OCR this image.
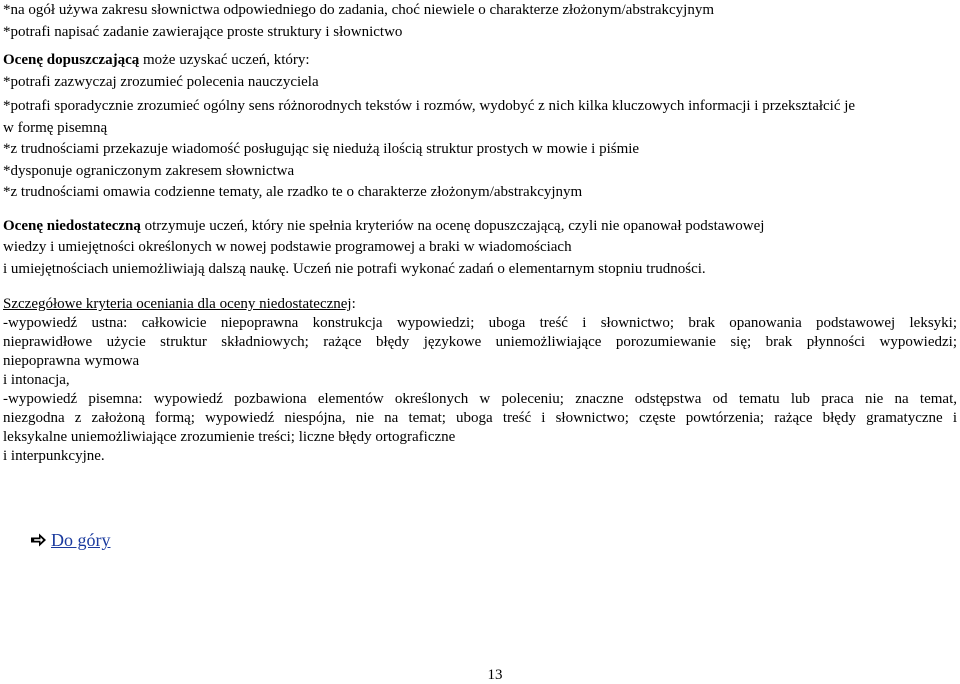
*na ogół używa zakresu słownictwa odpowiedniego do zadania, choć niewiele o charakterze złożonym/abstrakcyjnym
*potrafi napisać zadanie zawierające proste struktury i słownictwo
Ocenę dopuszczającą może uzyskać uczeń, który:
*potrafi zazwyczaj zrozumieć polecenia nauczyciela
*potrafi sporadycznie zrozumieć ogólny sens różnorodnych tekstów i rozmów, wydobyć z nich kilka kluczowych informacji i przekształcić je
w formę pisemną
*z trudnościami przekazuje wiadomość posługując się niedużą ilością struktur prostych w mowie i piśmie
*dysponuje ograniczonym zakresem słownictwa
*z trudnościami omawia codzienne tematy, ale rzadko te o charakterze złożonym/abstrakcyjnym
Ocenę niedostateczną otrzymuje uczeń, który nie spełnia kryteriów na ocenę dopuszczającą, czyli nie opanował podstawowej
wiedzy i umiejętności określonych w nowej podstawie programowej a braki w wiadomościach
i umiejętnościach uniemożliwiają dalszą naukę. Uczeń nie potrafi wykonać zadań o elementarnym stopniu trudności.
Szczegółowe kryteria oceniania dla oceny niedostatecznej:
-wypowiedź ustna: całkowicie niepoprawna konstrukcja wypowiedzi; uboga treść i słownictwo; brak opanowania podstawowej leksyki;
nieprawidłowe użycie struktur składniowych; rażące błędy językowe uniemożliwiające porozumiewanie się; brak płynności wypowiedzi;
niepoprawna wymowa
i intonacja,
-wypowiedź pisemna: wypowiedź pozbawiona elementów określonych w poleceniu; znaczne odstępstwa od tematu lub praca nie na temat,
niezgodna z założoną formą; wypowiedź niespójna, nie na temat; uboga treść i słownictwo; częste powtórzenia; rażące błędy gramatyczne i
leksykalne uniemożliwiające zrozumienie treści; liczne błędy ortograficzne
i interpunkcyjne.
Do góry
13
